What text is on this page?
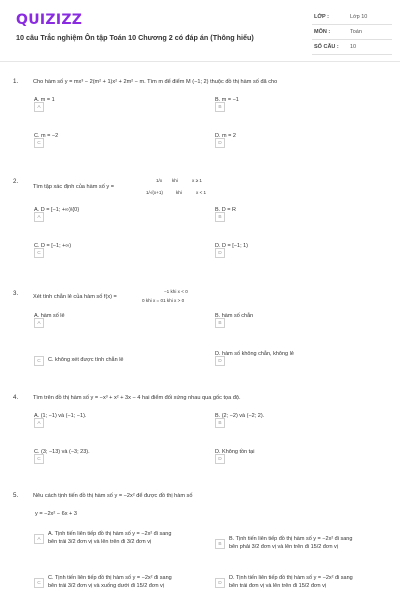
QUIZIZZ
10 câu Trắc nghiệm Ôn tập Toán 10 Chương 2 có đáp án (Thông hiểu)
LỚP :	Lớp 10
MÔN :	Toán
SỐ CÂU :	10
1.	Cho hàm số y = mx³ − 2(m² + 1)x² + 2m² − m. Tìm m để điểm M (−1; 2) thuộc đồ thị hàm số đã cho
A
A. m = 1
B
B. m = −1
C
C. m = −2
D
D. m = 2
2.
Tìm tập xác định của hàm số y =
1/x khi	x ≥ 1
1/√(x+1)	khi	x < 1
A
A. D = [−1; +∞)\{0}
B
B. D = R
C
C. D = [−1; +∞)
D
D. D = [−1; 1)
3.	Xét tính chẵn lẻ của hàm số f(x) =
−1 khi x < 0
0 khi x = 01 khi x > 0
A
A. hàm số lẻ
B
B. hàm số chẵn
C	C. không xét được tính chẵn lẻ	D
D. hàm số không chẵn, không lẻ
4.	Tìm trên đồ thị hàm số y = −x³ + x² + 3x − 4 hai điểm đối xứng nhau qua gốc tọa độ.
A
A. (1; −1) và (−1; −1).
B
B. (2; −2) và (−2; 2).
C
C. (3; −13) và (−3; 23).
D
D. Không tồn tại
5.	Nêu cách tịnh tiến đồ thị hàm số y = −2x² để được đồ thị hàm số
y = −2x² − 6x + 3
A
A. Tịnh tiến liên tiếp đồ thị hàm số y = −2x² đi sang
bên trái 3/2 đơn vị và lên trên đi 3/2 đơn vị	B
B. Tịnh tiến liên tiếp đồ thị hàm số y = −2x² đi sang
bên phải 3/2 đơn vị và lên trên đi 15/2 đơn vị
C
C. Tịnh tiến liên tiếp đồ thị hàm số y = −2x² đi sang
bên trái 3/2 đơn vị và xuống dưới đi 15/2 đơn vị	D
D. Tịnh tiến liên tiếp đồ thị hàm số y = −2x² đi sang
bên trái đơn vị và lên trên đi 15/2 đơn vị
